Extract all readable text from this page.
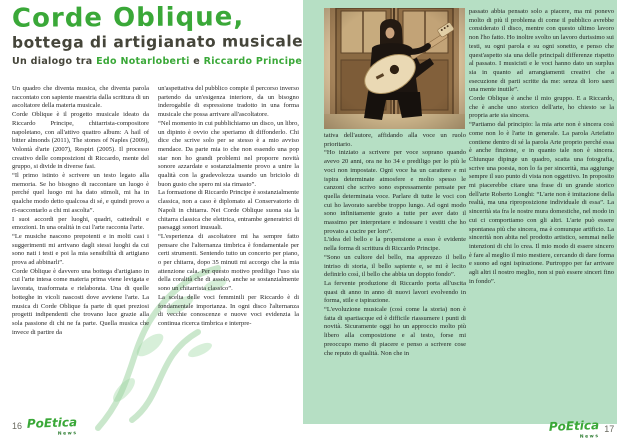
Corde Oblique,
bottega di artigianato musicale
Un dialogo tra Edo Notarloberti e Riccardo Principe

Un quadro che diventa musica, che diventa parola raccontato con sapiente maestria dalla scrittura di un ascoltatore della materia musicale.

Corde Oblique è il progetto musicale ideato da Riccardo Principe, chitarrista-compositore napoletano, con all'attivo quattro album: A hail of bitter almonds (2011), The stones of Naples (2009), Volontà d'arte (2007), Respiri (2005). Il processo creativo delle composizioni di Riccardo, mente del gruppo, si divide in diverse fasi.

“Il primo istinto è scrivere un testo legato alla memoria. Se ho bisogno di raccontare un luogo è perché quel luogo mi ha dato stimoli, mi ha in qualche modo detto qualcosa di sé, e quindi provo a ri-raccontarlo a chi mi ascolta”.

I suoi accordi per luoghi, quadri, cattedrali e emozioni. In una oralità in cui l'arte racconta l'arte.

“Le musiche nascono prepotenti e in molti casi i suggerimenti mi arrivano dagli stessi luoghi da cui sono nati i testi e poi la mia sensibilità di artigiano prova ad abbinarli”.

Corde Oblique è davvero una bottega d'artigiano in cui l'arte intesa come materia prima viene levigata e lavorata, trasformata e rielaborata. Una di quelle botteghe in vicoli nascosti dove avviene l'arte. La musica di Corde Oblique fa parte di quei preziosi progetti indipendenti che trovano luce grazie alla sola passione di chi ne fa parte. Quella musica che invece di partire da

un'aspettativa del pubblico compie il percorso inverso partendo da un'esigenza interiore, da un bisogno inderogabile di espressione tradotto in una forma musicale che possa arrivare all'ascoltatore.

“Nel momento in cui pubblichiamo un disco, un libro, un dipinto è ovvio che speriamo di diffonderlo. Chi dice che scrive solo per se stesso è a mio avviso mendace. Da parte mia io che non essendo una pop star non ho grandi problemi nel proporre novità sonore azzardate e sostanzialmente provo a unire la qualità con la gradevolezza usando un briciolo di buon gusto che spero mi sia rimasto”.

La formazione di Riccardo Principe è sostanzialmente classica, non a caso è diplomato al Conservatorio di Napoli in chitarra. Nei Corde Oblique suona sia la chitarra classica che elettrica, entrambe generatrici di paesaggi sonori inusuali.

“L'esperienza di ascoltatore mi ha sempre fatto pensare che l'alternanza timbrica è fondamentale per certi strumenti. Sentendo tutto un concerto per piano, o per chitarra, dopo 35 minuti mi accorgo che la mia attenzione cala. Per questo motivo prediligo l'uso sia della coralità che di assolo, anche se sostanzialmente sono un chitarrista classico”.

La scelta delle voci femminili per Riccardo è di fondamentale importanza. In ogni disco l'alternanza di vecchie conoscenze e nuove voci evidenzia la continua ricerca timbrica e interpre-

16 PoEtica
News

tativa dell'autore, affidando alla voce un ruolo prioritario.

“Ho iniziato a scrivere per voce soprano quando avevo 20 anni, ora ne ho 34 e prediligo per lo più le voci non impostate. Ogni voce ha un carattere e mi ispira determinate atmosfere e molto spesso le canzoni che scrivo sono espressamente pensate per quella determinata voce. Parlare di tutte le voci con cui ho lavorato sarebbe troppo lungo. Ad ogni modo sono infinitamente grato a tutte per aver dato il massimo per interpretare e indossare i vestiti che ho provato a cucire per loro”.

L'idea del bello e la propensione a esso è evidente nella forma di scrittura di Riccardo Principe.

“Sono un cultore del bello, ma apprezzo il bello intriso di storia, il bello sapiente e, se mi è lecito definirlo così, il bello che abbia un doppio fondo”.

La fervente produzione di Riccardo porta all'uscita quasi di anno in anno di nuovi lavori evolvendo in forma, stile e ispirazione.

“L'evoluzione musicale (così come la storia) non è fatta di spartiacque ed è difficile riassumere i punti di novità. Sicuramente oggi ho un approccio molto più libero alla composizione e al testo, forse mi preoccupo meno di piacere e penso a scrivere cose che reputo di qualità. Non che in

passato abbia pensato solo a piacere, ma mi ponevo molto di più il problema di come il pubblico avrebbe considerato il disco, mentre con questo ultimo lavoro non l'ho fatto. Ho inoltre svolto un lavoro durissimo sui testi, su ogni parola e su ogni sonetto, e penso che quest'aspetto sia una delle principali differenze rispetto al passato. I musicisti e le voci hanno dato un surplus sia in quanto ad arrangiamenti creativi che a esecuzione di parti scritte da me: senza di loro sarei una mente inutile”.

Corde Oblique è anche il mio gruppo. E a Riccardo, che è anche uno storico dell'arte, ho chiesto se la propria arte sia sincera.

“Partiamo dal principio: la mia arte non è sincera così come non lo è l'arte in generale. La parola Artefatto contiene dentro di sé la parola Arte proprio perché essa è anche finzione, e in quanto tale non è sincera. Chiunque dipinge un quadro, scatta una fotografia, scrive una poesia, non lo fa per sincerità, ma aggiunge sempre il suo punto di vista non oggettivo. In proposito mi piacerebbe citare una frase di un grande storico dell'arte Roberto Longhi: “L'arte non è imitazione della realtà, ma una riproposizione individuale di essa”. La sincerità sta fra le nostre mura domestiche, nel modo in cui ci comportiamo con gli altri. L'arte può essere spontanea più che sincera, ma è comunque artificio. La sincerità non abita nel prodotto artistico, semmai nelle intenzioni di chi lo crea. Il mio modo di essere sincero è fare al meglio il mio mestiere, cercando di dare forma e suono ad ogni ispirazione. Purtroppo per far arrivare agli altri il nostro meglio, non si può essere sinceri fino in fondo”.

PoEtica
News
17
